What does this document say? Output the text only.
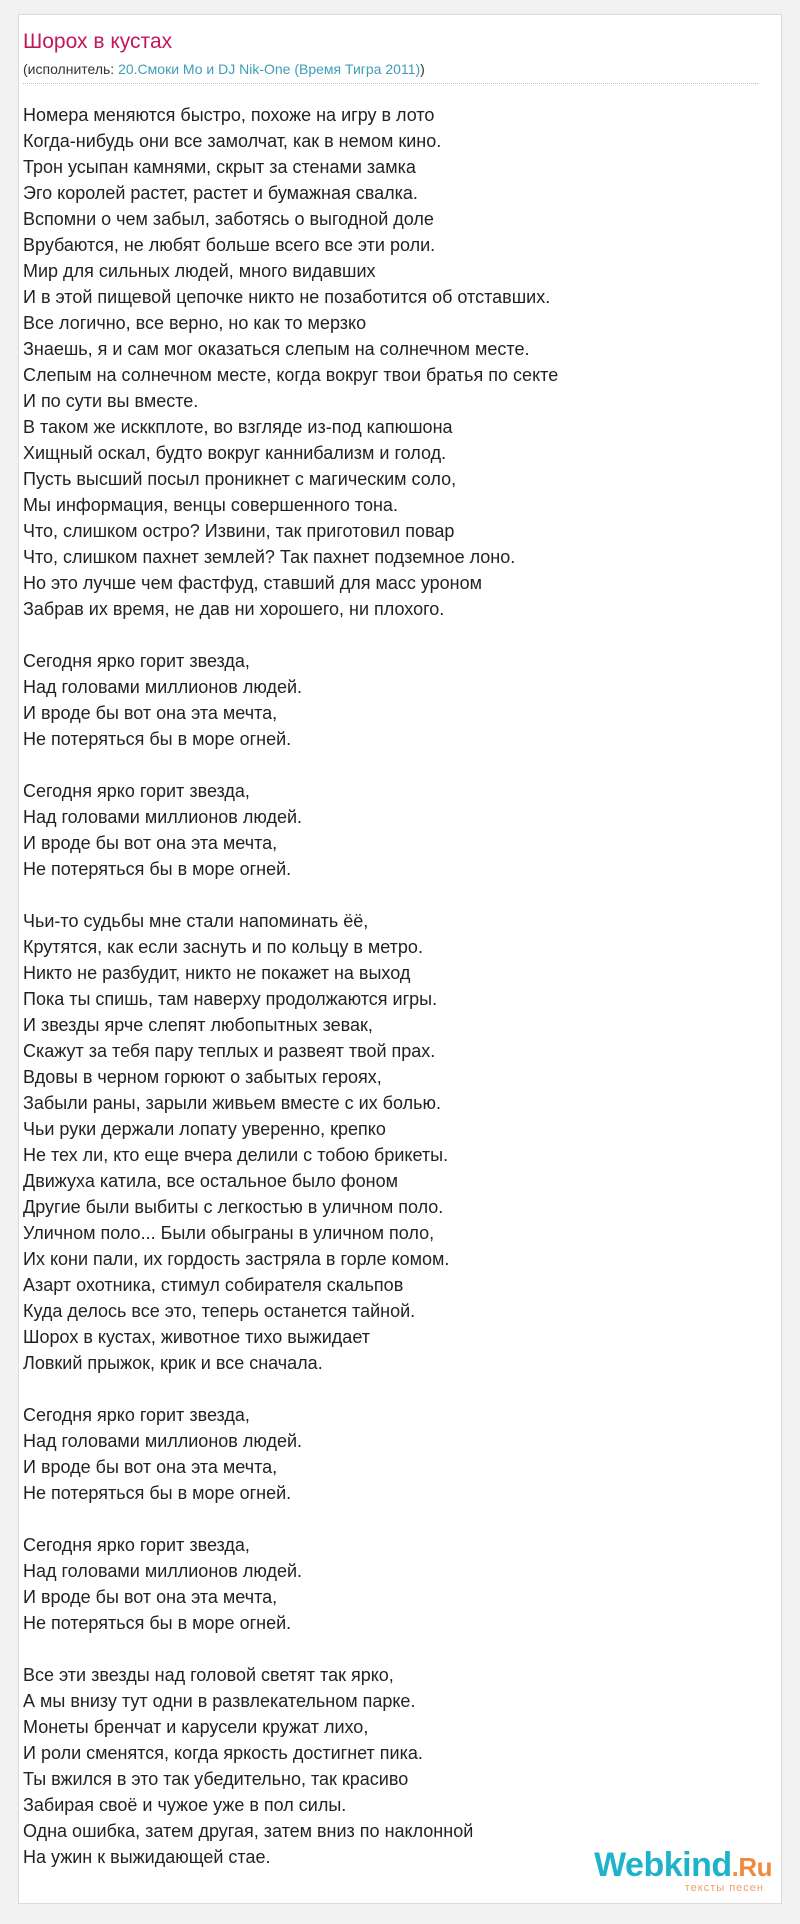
Шорох в кустах
(исполнитель: 20.Смоки Мо и DJ Nik-One (Время Тигра 2011))
Номера меняются быстро, похоже на игру в лото
Когда-нибудь они все замолчат, как в немом кино.
Трон усыпан камнями, скрыт за стенами замка
Эго королей растет, растет и бумажная свалка.
Вспомни о чем забыл, заботясь о выгодной доле
Врубаются, не любят больше всего все эти роли.
Мир для сильных людей, много видавших
И в этой пищевой цепочке никто не позаботится об отставших.
Все логично, все верно, но как то мерзко
Знаешь, я и сам мог оказаться слепым на солнечном месте.
Слепым на солнечном месте, когда вокруг твои братья по секте
И по сути вы вместе.
В таком же исккплоте, во взгляде из-под капюшона
Хищный оскал, будто вокруг каннибализм и голод.
Пусть высший посыл проникнет с магическим соло,
Мы информация, венцы совершенного тона.
Что, слишком остро? Извини, так приготовил повар
Что, слишком пахнет землей? Так пахнет подземное лоно.
Но это лучше чем фастфуд, ставший для масс уроном
Забрав их время, не дав ни хорошего, ни плохого.
Сегодня ярко горит звезда,
Над головами миллионов людей.
И вроде бы вот она эта мечта,
Не потеряться бы в море огней.
Сегодня ярко горит звезда,
Над головами миллионов людей.
И вроде бы вот она эта мечта,
Не потеряться бы в море огней.
Чьи-то судьбы мне стали напоминать ёё,
Крутятся, как если заснуть и по кольцу в метро.
Никто не разбудит, никто не покажет на выход
Пока ты спишь, там наверху продолжаются игры.
И звезды ярче слепят любопытных зевак,
Скажут за тебя пару теплых и развеят твой прах.
Вдовы в черном горюют о забытых героях,
Забыли раны, зарыли живьем вместе с их болью.
Чьи руки держали лопату уверенно, крепко
Не тех ли, кто еще вчера делили с тобою брикеты.
Движуха катила, все остальное было фоном
Другие были выбиты с легкостью в уличном поло.
Уличном поло... Были обыграны в уличном поло,
Их кони пали, их гордость застряла в горле комом.
Азарт охотника, стимул собирателя скальпов
Куда делось все это, теперь останется тайной.
Шорох в кустах, животное тихо выжидает
Ловкий прыжок, крик и все сначала.
Сегодня ярко горит звезда,
Над головами миллионов людей.
И вроде бы вот она эта мечта,
Не потеряться бы в море огней.
Сегодня ярко горит звезда,
Над головами миллионов людей.
И вроде бы вот она эта мечта,
Не потеряться бы в море огней.
Все эти звезды над головой светят так ярко,
А мы внизу тут одни в развлекательном парке.
Монеты бренчат и карусели кружат лихо,
И роли сменятся, когда яркость достигнет пика.
Ты вжился в это так убедительно, так красиво
Забирая своё и чужое уже в пол силы.
Одна ошибка, затем другая, затем вниз по наклонной
На ужин к выжидающей стае.	Webkind.Ru
тексты песен
